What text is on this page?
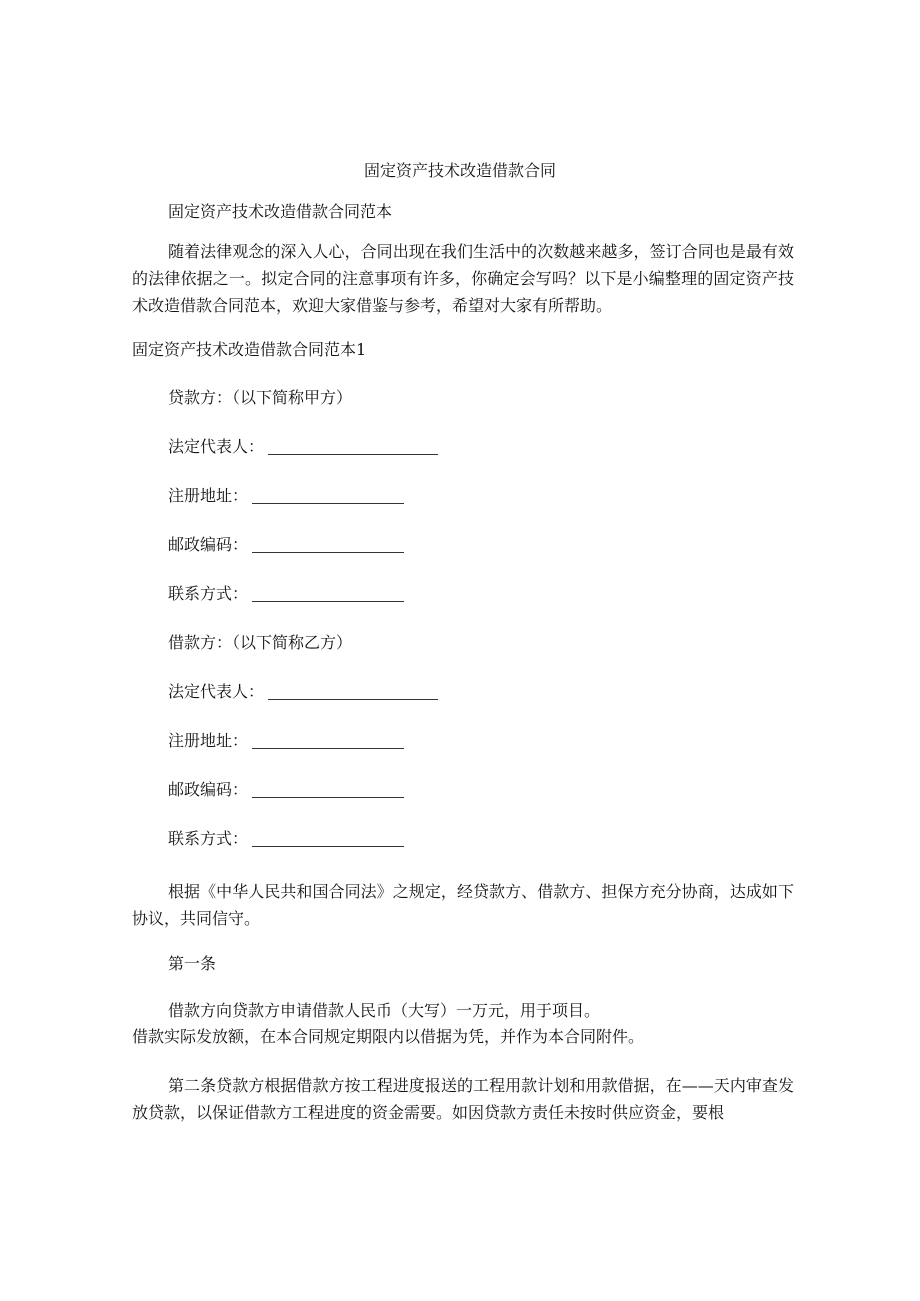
固定资产技术改造借款合同
固定资产技术改造借款合同范本
随着法律观念的深入人心，合同出现在我们生活中的次数越来越多，签订合同也是最有效的法律依据之一。拟定合同的注意事项有许多，你确定会写吗？以下是小编整理的固定资产技术改造借款合同范本，欢迎大家借鉴与参考，希望对大家有所帮助。
固定资产技术改造借款合同范本1
贷款方：（以下简称甲方）
法定代表人：
注册地址：
邮政编码：
联系方式：
借款方：（以下简称乙方）
法定代表人：
注册地址：
邮政编码：
联系方式：
根据《中华人民共和国合同法》之规定，经贷款方、借款方、担保方充分协商，达成如下协议，共同信守。
第一条
借款方向贷款方申请借款人民币（大写）一万元，用于项目。
借款实际发放额，在本合同规定期限内以借据为凭，并作为本合同附件。
第二条贷款方根据借款方按工程进度报送的工程用款计划和用款借据，在——天内审查发放贷款，以保证借款方工程进度的资金需要。如因贷款方责任未按时供应资金，要根
